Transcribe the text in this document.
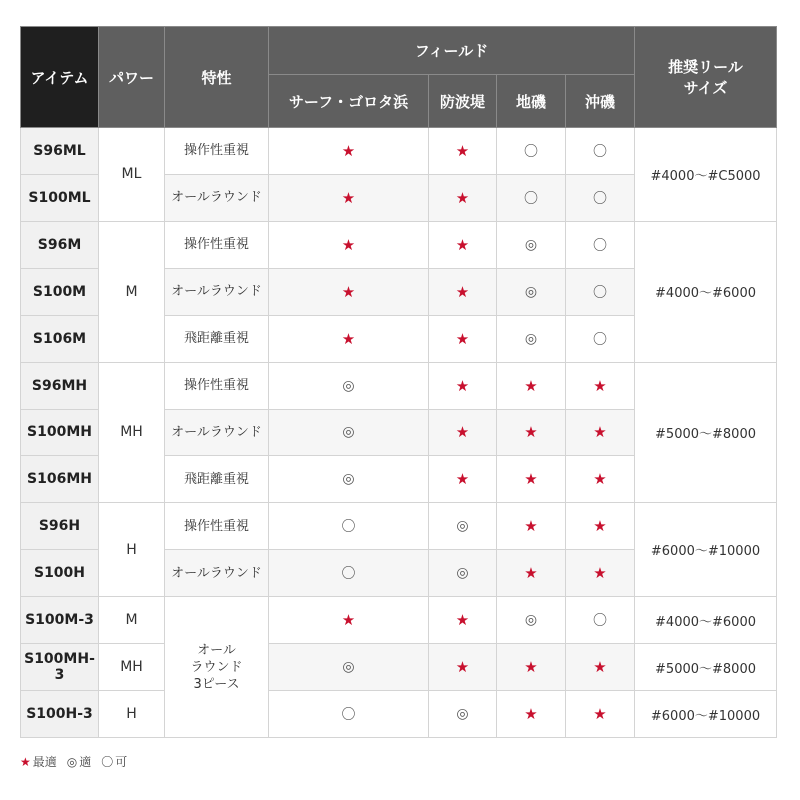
アイテム	パワー	特性	フィールド				推奨リール
サイズ

			サーフ・ゴロタ浜	防波堤	地磯	沖磯	
S96ML	ML	操作性重視	★	★	〇	〇	#4000〜#C5000
S100ML		オールラウンド	★	★	〇	〇	
S96M	M	操作性重視	★	★	◎	〇	#4000〜#6000
S100M		オールラウンド	★	★	◎	〇	
S106M		飛距離重視	★	★	◎	〇	
S96MH	MH	操作性重視	◎	★	★	★	#5000〜#8000
S100MH		オールラウンド	◎	★	★	★	
S106MH		飛距離重視	◎	★	★	★	
S96H	H	操作性重視	〇	◎	★	★	#6000〜#10000
S100H		オールラウンド	〇	◎	★	★	
S100M-3	M	オール
ラウンド
3ピース	★	★	◎	〇	#4000〜#6000
S100MH-3	MH		◎	★	★	★	#5000〜#8000
S100H-3	H		〇	◎	★	★	#6000〜#10000
★ 最適 ◎ 適 〇 可
